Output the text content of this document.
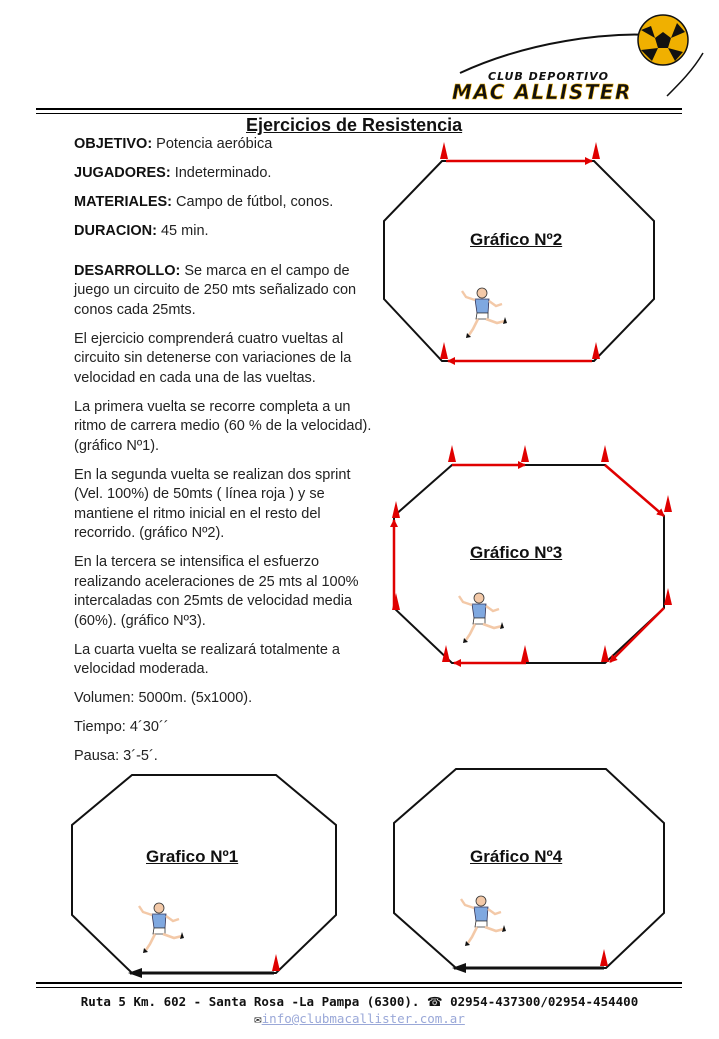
CLUB DEPORTIVO
MAC ALLISTER
Ejercicios de Resistencia

OBJETIVO: Potencia aeróbica

JUGADORES: Indeterminado.

MATERIALES: Campo de fútbol, conos.

DURACION: 45 min.

DESARROLLO: Se marca en el campo de juego un circuito de 250 mts señalizado con conos cada 25mts.

El ejercicio comprenderá cuatro vueltas al circuito sin detenerse con variaciones de la velocidad en cada una de las vueltas.

La primera vuelta se recorre completa a un ritmo de carrera medio (60 % de la velocidad). (gráfico Nº1).

En la segunda vuelta se realizan dos sprint (Vel. 100%) de 50mts ( línea roja ) y se mantiene el ritmo inicial en el resto del recorrido. (gráfico Nº2).

En la tercera se intensifica el esfuerzo realizando aceleraciones de 25 mts al 100% intercaladas con 25mts de velocidad media (60%). (gráfico Nº3).

La cuarta vuelta se realizará totalmente a velocidad moderada.

Volumen: 5000m. (5x1000).

Tiempo: 4´30´´

Pausa: 3´-5´.

Gráfico Nº2
Gráfico Nº3
Grafico Nº1	Gráfico Nº4
Ruta 5 Km. 602 - Santa Rosa -La Pampa (6300). ☎ 02954-437300/02954-454400
✉info@clubmacallister.com.ar
